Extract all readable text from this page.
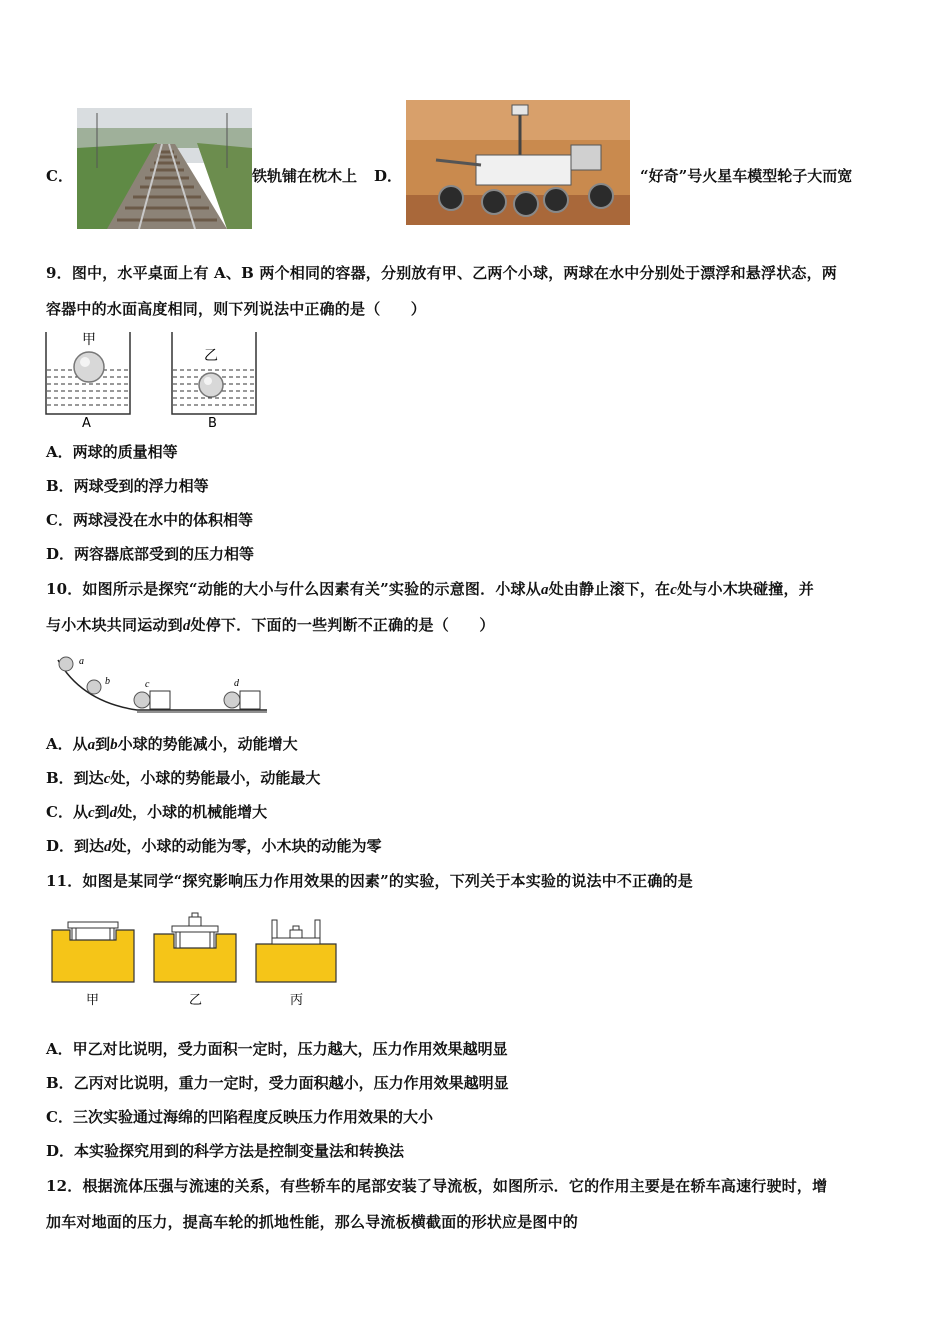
C．	铁轨铺在枕木上 D．	“好奇”号火星车模型轮子大而宽
9．图中，水平桌面上有 A、B 两个相同的容器，分别放有甲、乙两个小球，两球在水中分别处于漂浮和悬浮状态，两
容器中的水面高度相同，则下列说法中正确的是（　　）
甲
乙
A	B
A．两球的质量相等
B．两球受到的浮力相等
C．两球浸没在水中的体积相等
D．两容器底部受到的压力相等
10．如图所示是探究“动能的大小与什么因素有关”实验的示意图．小球从a处由静止滚下，在c处与小木块碰撞，并
与小木块共同运动到d处停下．下面的一些判断不正确的是（　　）
a
b	c	d
A．从a到b小球的势能减小，动能增大
B．到达c处，小球的势能最小，动能最大
C．从c到d处，小球的机械能增大
D．到达d处，小球的动能为零，小木块的动能为零
11．如图是某同学“探究影响压力作用效果的因素”的实验，下列关于本实验的说法中不正确的是
甲	乙	丙
A．甲乙对比说明，受力面积一定时，压力越大，压力作用效果越明显
B．乙丙对比说明，重力一定时，受力面积越小，压力作用效果越明显
C．三次实验通过海绵的凹陷程度反映压力作用效果的大小
D．本实验探究用到的科学方法是控制变量法和转换法
12．根据流体压强与流速的关系，有些轿车的尾部安装了导流板，如图所示．它的作用主要是在轿车高速行驶时，增
加车对地面的压力，提高车轮的抓地性能，那么导流板横截面的形状应是图中的
